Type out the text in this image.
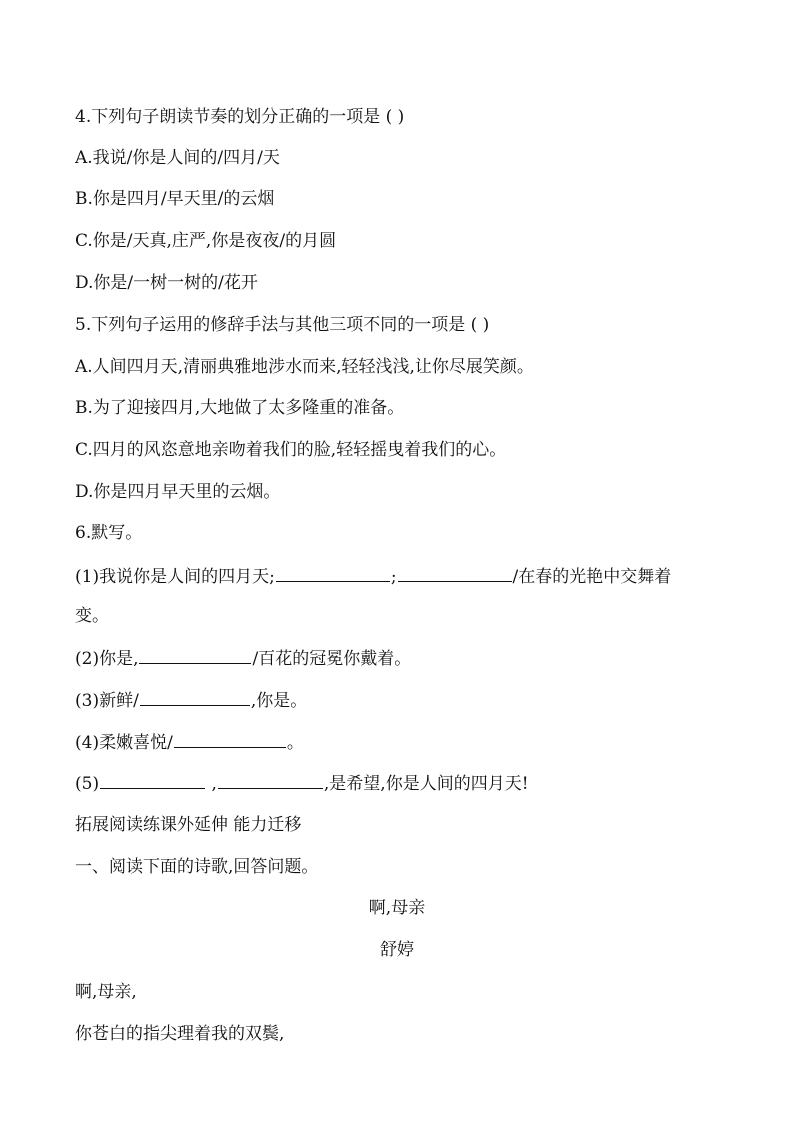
4.下列句子朗读节奏的划分正确的一项是 ( )
A.我说/你是人间的/四月/天
B.你是四月/早天里/的云烟
C.你是/天真,庄严,你是夜夜/的月圆
D.你是/一树一树的/花开
5.下列句子运用的修辞手法与其他三项不同的一项是 ( )
A.人间四月天,清丽典雅地涉水而来,轻轻浅浅,让你尽展笑颜。
B.为了迎接四月,大地做了太多隆重的准备。
C.四月的风恣意地亲吻着我们的脸,轻轻摇曳着我们的心。
D.你是四月早天里的云烟。
6.默写。
(1)我说你是人间的四月天;	;	/在春的光艳中交舞着
变。
(2)你是,	/百花的冠冕你戴着。
(3)新鲜/	,你是。
(4)柔嫩喜悦/	。
(5)	,	,是希望,你是人间的四月天!
拓展阅读练课外延伸 能力迁移
一、阅读下面的诗歌,回答问题。
啊,母亲
舒婷
啊,母亲,
你苍白的指尖理着我的双鬓,
